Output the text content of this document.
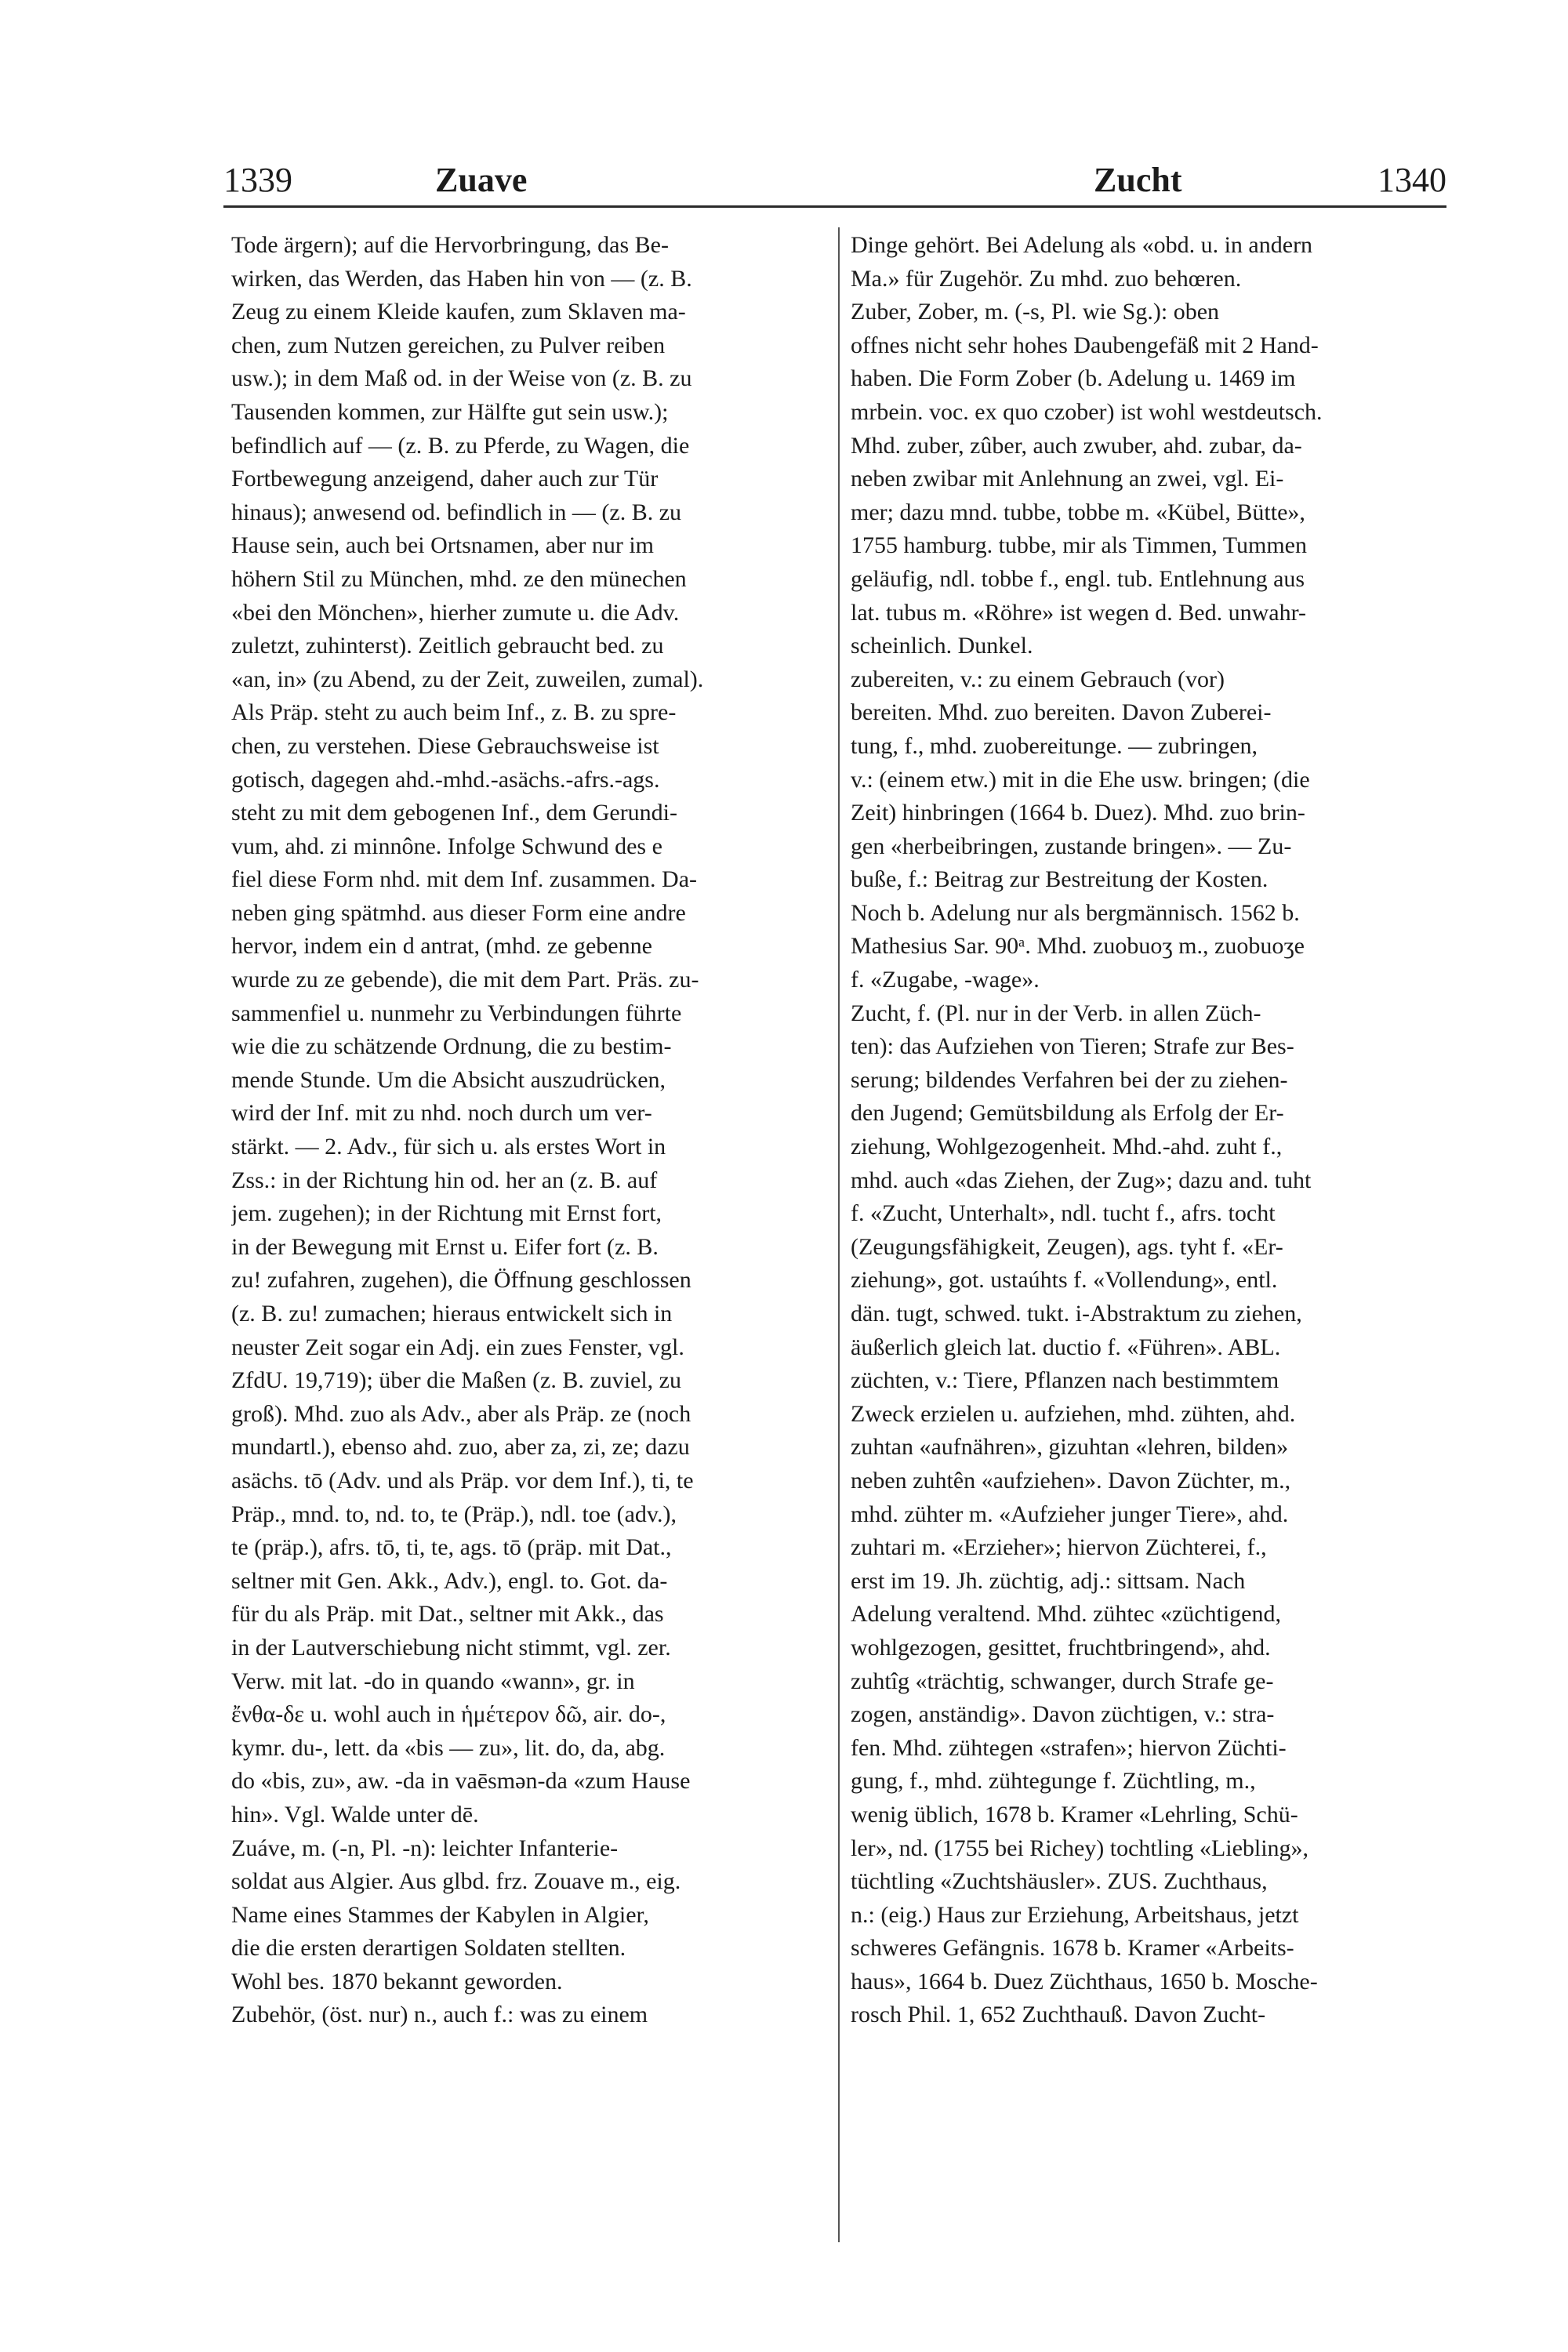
1339	Zuave	Zucht	1340
Tode ärgern); auf die Hervorbringung, das Be-
wirken, das Werden, das Haben hin von — (z. B.
Zeug zu einem Kleide kaufen, zum Sklaven ma-
chen, zum Nutzen gereichen, zu Pulver reiben
usw.); in dem Maß od. in der Weise von (z. B. zu
Tausenden kommen, zur Hälfte gut sein usw.);
befindlich auf — (z. B. zu Pferde, zu Wagen, die
Fortbewegung anzeigend, daher auch zur Tür
hinaus); anwesend od. befindlich in — (z. B. zu
Hause sein, auch bei Ortsnamen, aber nur im
höhern Stil zu München, mhd. ze den münechen
«bei den Mönchen», hierher zumute u. die Adv.
zuletzt, zuhinterst). Zeitlich gebraucht bed. zu
«an, in» (zu Abend, zu der Zeit, zuweilen, zumal).
Als Präp. steht zu auch beim Inf., z. B. zu spre-
chen, zu verstehen. Diese Gebrauchsweise ist
gotisch, dagegen ahd.-mhd.-asächs.-afrs.-ags.
steht zu mit dem gebogenen Inf., dem Gerundi-
vum, ahd. zi minnône. Infolge Schwund des e
fiel diese Form nhd. mit dem Inf. zusammen. Da-
neben ging spätmhd. aus dieser Form eine andre
hervor, indem ein d antrat, (mhd. ze gebenne
wurde zu ze gebende), die mit dem Part. Präs. zu-
sammenfiel u. nunmehr zu Verbindungen führte
wie die zu schätzende Ordnung, die zu bestim-
mende Stunde. Um die Absicht auszudrücken,
wird der Inf. mit zu nhd. noch durch um ver-
stärkt. — 2. Adv., für sich u. als erstes Wort in
Zss.: in der Richtung hin od. her an (z. B. auf
jem. zugehen); in der Richtung mit Ernst fort,
in der Bewegung mit Ernst u. Eifer fort (z. B.
zu! zufahren, zugehen), die Öffnung geschlossen
(z. B. zu! zumachen; hieraus entwickelt sich in
neuster Zeit sogar ein Adj. ein zues Fenster, vgl.
ZfdU. 19,719); über die Maßen (z. B. zuviel, zu
groß). Mhd. zuo als Adv., aber als Präp. ze (noch
mundartl.), ebenso ahd. zuo, aber za, zi, ze; dazu
asächs. tō (Adv. und als Präp. vor dem Inf.), ti, te
Präp., mnd. to, nd. to, te (Präp.), ndl. toe (adv.),
te (präp.), afrs. tō, ti, te, ags. tō (präp. mit Dat.,
seltner mit Gen. Akk., Adv.), engl. to. Got. da-
für du als Präp. mit Dat., seltner mit Akk., das
in der Lautverschiebung nicht stimmt, vgl. zer.
Verw. mit lat. -do in quando «wann», gr. in
ἔνθα-δε u. wohl auch in ἡμέτερον δῶ, air. do-,
kymr. du-, lett. da «bis — zu», lit. do, da, abg.
do «bis, zu», aw. -da in vaēsmən-da «zum Hause
hin». Vgl. Walde unter dē.
Zuáve, m. (-n, Pl. -n): leichter Infanterie-
soldat aus Algier. Aus glbd. frz. Zouave m., eig.
Name eines Stammes der Kabylen in Algier,
die die ersten derartigen Soldaten stellten.
Wohl bes. 1870 bekannt geworden.
Zubehör, (öst. nur) n., auch f.: was zu einem
Dinge gehört. Bei Adelung als «obd. u. in andern
Ma.» für Zugehör. Zu mhd. zuo behœren.
Zuber, Zober, m. (-s, Pl. wie Sg.): oben
offnes nicht sehr hohes Daubengefäß mit 2 Hand-
haben. Die Form Zober (b. Adelung u. 1469 im
mrbein. voc. ex quo czober) ist wohl westdeutsch.
Mhd. zuber, zûber, auch zwuber, ahd. zubar, da-
neben zwibar mit Anlehnung an zwei, vgl. Ei-
mer; dazu mnd. tubbe, tobbe m. «Kübel, Bütte»,
1755 hamburg. tubbe, mir als Timmen, Tummen
geläufig, ndl. tobbe f., engl. tub. Entlehnung aus
lat. tubus m. «Röhre» ist wegen d. Bed. unwahr-
scheinlich. Dunkel.
zubereiten, v.: zu einem Gebrauch (vor)
bereiten. Mhd. zuo bereiten. Davon Zuberei-
tung, f., mhd. zuobereitunge. — zubringen,
v.: (einem etw.) mit in die Ehe usw. bringen; (die
Zeit) hinbringen (1664 b. Duez). Mhd. zuo brin-
gen «herbeibringen, zustande bringen». — Zu-
buße, f.: Beitrag zur Bestreitung der Kosten.
Noch b. Adelung nur als bergmännisch. 1562 b.
Mathesius Sar. 90ᵃ. Mhd. zuobuoʒ m., zuobuoʒe
f. «Zugabe, -wage».
Zucht, f. (Pl. nur in der Verb. in allen Züch-
ten): das Aufziehen von Tieren; Strafe zur Bes-
serung; bildendes Verfahren bei der zu ziehen-
den Jugend; Gemütsbildung als Erfolg der Er-
ziehung, Wohlgezogenheit. Mhd.-ahd. zuht f.,
mhd. auch «das Ziehen, der Zug»; dazu and. tuht
f. «Zucht, Unterhalt», ndl. tucht f., afrs. tocht
(Zeugungsfähigkeit, Zeugen), ags. tyht f. «Er-
ziehung», got. ustaúhts f. «Vollendung», entl.
dän. tugt, schwed. tukt. i-Abstraktum zu ziehen,
äußerlich gleich lat. ductio f. «Führen». ABL.
züchten, v.: Tiere, Pflanzen nach bestimmtem
Zweck erzielen u. aufziehen, mhd. zühten, ahd.
zuhtan «aufnähren», gizuhtan «lehren, bilden»
neben zuhtên «aufziehen». Davon Züchter, m.,
mhd. zühter m. «Aufzieher junger Tiere», ahd.
zuhtari m. «Erzieher»; hiervon Züchterei, f.,
erst im 19. Jh. züchtig, adj.: sittsam. Nach
Adelung veraltend. Mhd. zühtec «züchtigend,
wohlgezogen, gesittet, fruchtbringend», ahd.
zuhtîg «trächtig, schwanger, durch Strafe ge-
zogen, anständig». Davon züchtigen, v.: stra-
fen. Mhd. zühtegen «strafen»; hiervon Züchti-
gung, f., mhd. zühtegunge f. Züchtling, m.,
wenig üblich, 1678 b. Kramer «Lehrling, Schü-
ler», nd. (1755 bei Richey) tochtling «Liebling»,
tüchtling «Zuchtshäusler». ZUS. Zuchthaus,
n.: (eig.) Haus zur Erziehung, Arbeitshaus, jetzt
schweres Gefängnis. 1678 b. Kramer «Arbeits-
haus», 1664 b. Duez Züchthaus, 1650 b. Mosche-
rosch Phil. 1, 652 Zuchthauß. Davon Zucht-
